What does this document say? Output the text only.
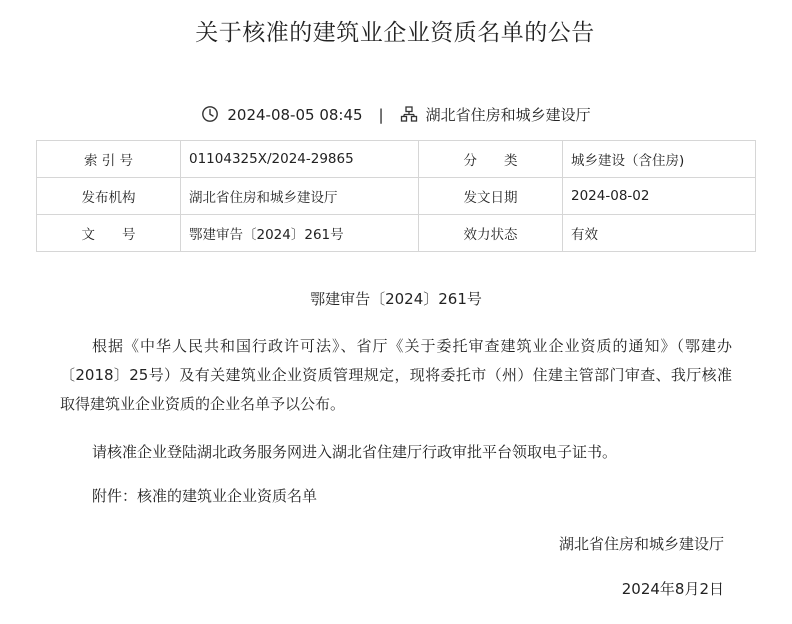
关于核准的建筑业企业资质名单的公告
2024-08-05 08:45 |	湖北省住房和城乡建设厅
索 引 号	01104325X/2024-29865	分　　类	城乡建设（含住房)
发布机构	湖北省住房和城乡建设厅	发文日期	2024-08-02
文　　号	鄂建审告〔2024〕261号	效力状态	有效
鄂建审告〔2024〕261号
根据《中华人民共和国行政许可法》、省厅《关于委托审查建筑业企业资质的通知》（鄂建办〔2018〕25号）及有关建筑业企业资质管理规定，现将委托市（州）住建主管部门审查、我厅核准取得建筑业企业资质的企业名单予以公布。
请核准企业登陆湖北政务服务网进入湖北省住建厅行政审批平台领取电子证书。
附件：核准的建筑业企业资质名单
湖北省住房和城乡建设厅
2024年8月2日
